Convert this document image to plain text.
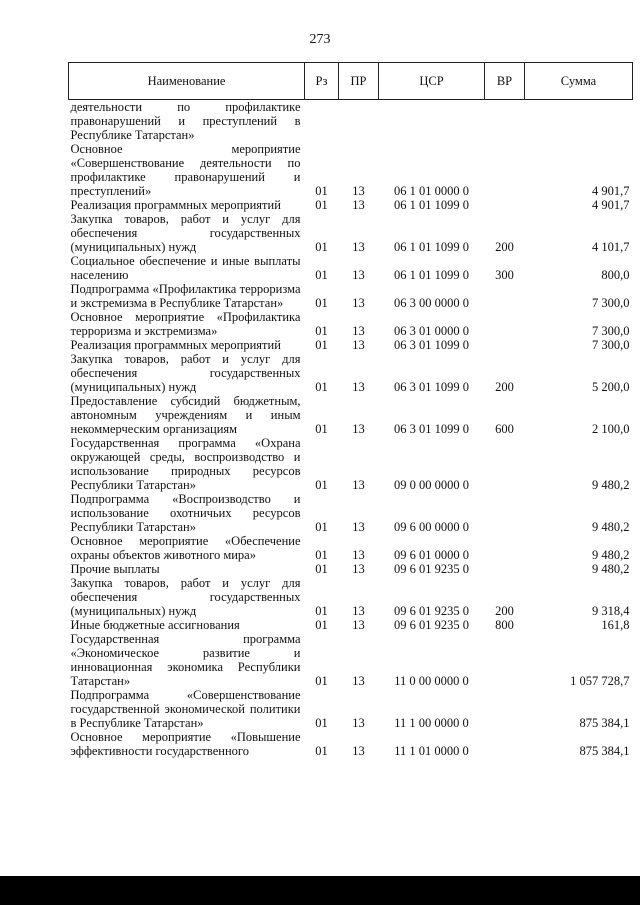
273
Наименование	Рз	ПР	ЦСР	ВР	Сумма
деятельности по профилактике правонарушений и преступлений в Республике Татарстан»					
Основное мероприятие «Совершенствование деятельности по профилактике правонарушений и преступлений»	01	13	06 1 01 0000 0		4 901,7
Реализация программных мероприятий	01	13	06 1 01 1099 0		4 901,7
Закупка товаров, работ и услуг для обеспечения государственных (муниципальных) нужд	01	13	06 1 01 1099 0	200	4 101,7
Социальное обеспечение и иные выплаты населению	01	13	06 1 01 1099 0	300	800,0
Подпрограмма «Профилактика терроризма и экстремизма в Республике Татарстан»	01	13	06 3 00 0000 0		7 300,0
Основное мероприятие «Профилактика терроризма и экстремизма»	01	13	06 3 01 0000 0		7 300,0
Реализация программных мероприятий	01	13	06 3 01 1099 0		7 300,0
Закупка товаров, работ и услуг для обеспечения государственных (муниципальных) нужд	01	13	06 3 01 1099 0	200	5 200,0
Предоставление субсидий бюджетным, автономным учреждениям и иным некоммерческим организациям	01	13	06 3 01 1099 0	600	2 100,0
Государственная программа «Охрана окружающей среды, воспроизводство и использование природных ресурсов Республики Татарстан»	01	13	09 0 00 0000 0		9 480,2
Подпрограмма «Воспроизводство и использование охотничьих ресурсов Республики Татарстан»	01	13	09 6 00 0000 0		9 480,2
Основное мероприятие «Обеспечение охраны объектов животного мира»	01	13	09 6 01 0000 0		9 480,2
Прочие выплаты	01	13	09 6 01 9235 0		9 480,2
Закупка товаров, работ и услуг для обеспечения государственных (муниципальных) нужд	01	13	09 6 01 9235 0	200	9 318,4
Иные бюджетные ассигнования	01	13	09 6 01 9235 0	800	161,8
Государственная программа «Экономическое развитие и инновационная экономика Республики Татарстан»	01	13	11 0 00 0000 0		1 057 728,7
Подпрограмма «Совершенствование государственной экономической политики в Республике Татарстан»	01	13	11 1 00 0000 0		875 384,1
Основное мероприятие «Повышение эффективности государственного	01	13	11 1 01 0000 0		875 384,1
